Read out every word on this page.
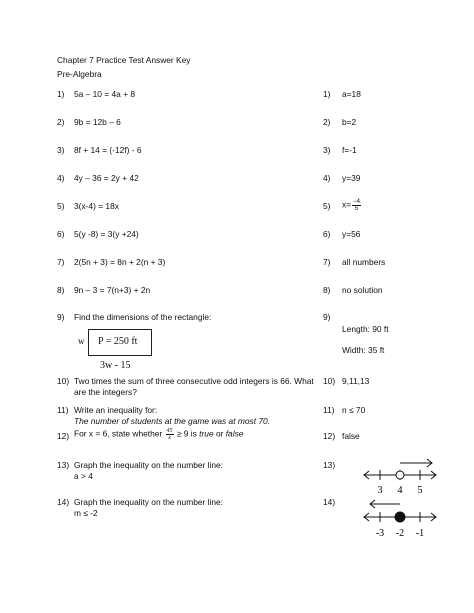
Chapter 7 Practice Test Answer Key
Pre-Algebra
1) 5a – 10 = 4a + 8
2) 9b = 12b – 6
3) 8f + 14 = (-12f) - 6
4) 4y – 36 = 2y + 42
5) 3(x-4) = 18x
6) 5(y -8) = 3(y +24)
7) 2(5n + 3) = 8n + 2(n + 3)
8) 9n – 3 = 7(n+3) + 2n
9) Find the dimensions of the rectangle:
w P = 250 ft
3w - 15
10) Two times the sum of three consecutive odd integers is 66. What are the integers?
11) Write an inequality for:
The number of students at the game was at most 70.
12) For x = 6, state whether $\frac{45}{x} \ge 9$ is true or false
13) Graph the inequality on the number line:
a > 4
14) Graph the inequality on the number line:
m ≤ -2
1) a=18
2) b=2
3) f=-1
4) y=39
5) $x= \frac{-4}{5}$
6) y=56
7) all numbers
8) no solution
9)
Length: 90 ft
Width: 35 ft
10) 9,11,13
11) n ≤ 70
12) false
13)
14)
3 4 5
-3 -2 -1
